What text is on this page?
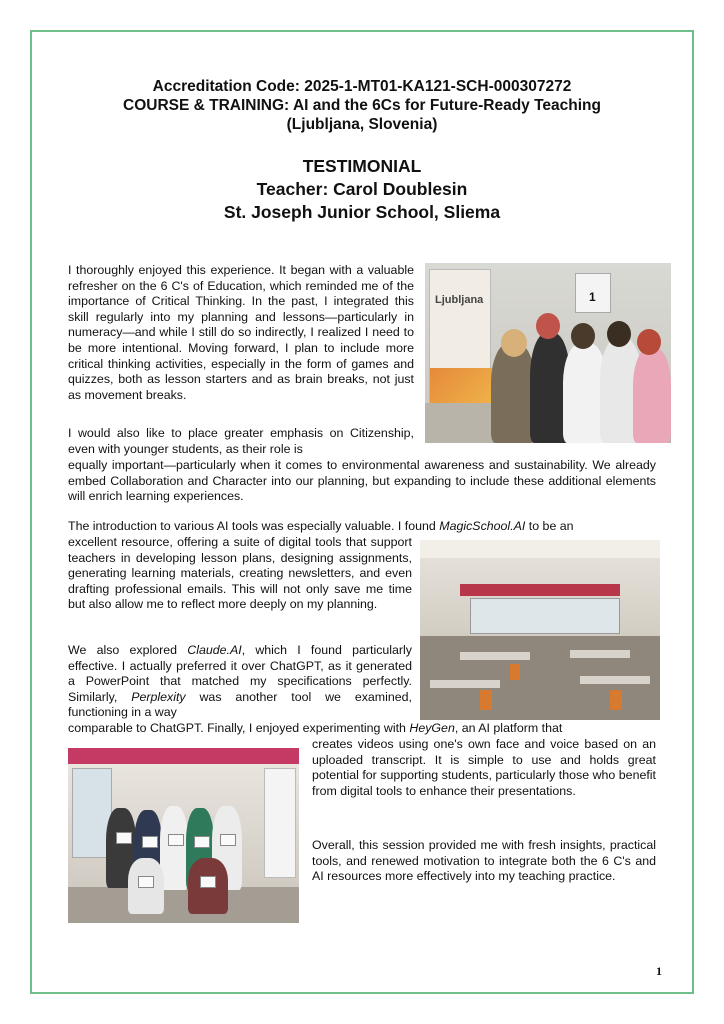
Accreditation Code: 2025-1-MT01-KA121-SCH-000307272
COURSE & TRAINING: AI and the 6Cs for Future-Ready Teaching
(Ljubljana, Slovenia)
TESTIMONIAL
Teacher: Carol Doublesin
St. Joseph Junior School, Sliema
I thoroughly enjoyed this experience. It began with a valuable refresher on the 6 C's of Education, which reminded me of the importance of Critical Thinking. In the past, I integrated this skill regularly into my planning and lessons—particularly in numeracy—and while I still do so indirectly, I realized I need to be more intentional. Moving forward, I plan to include more critical thinking activities, especially in the form of games and quizzes, both as lesson starters and as brain breaks, not just as movement breaks.
I would also like to place greater emphasis on Citizenship, even with younger students, as their role is
equally important—particularly when it comes to environmental awareness and sustainability. We already embed Collaboration and Character into our planning, but expanding to include these additional elements will enrich learning experiences.
The introduction to various AI tools was especially valuable. I found MagicSchool.AI to be an
excellent resource, offering a suite of digital tools that support teachers in developing lesson plans, designing assignments, generating learning materials, creating newsletters, and even drafting professional emails. This will not only save me time but also allow me to reflect more deeply on my planning.
We also explored Claude.AI, which I found particularly effective. I actually preferred it over ChatGPT, as it generated a PowerPoint that matched my specifications perfectly. Similarly, Perplexity was another tool we examined, functioning in a way
comparable to ChatGPT. Finally, I enjoyed experimenting with HeyGen, an AI platform that
creates videos using one's own face and voice based on an uploaded transcript. It is simple to use and holds great potential for supporting students, particularly those who benefit from digital tools to enhance their presentations.
Overall, this session provided me with fresh insights, practical tools, and renewed motivation to integrate both the 6 C's and AI resources more effectively into my teaching practice.
Ljubljana	1
1
